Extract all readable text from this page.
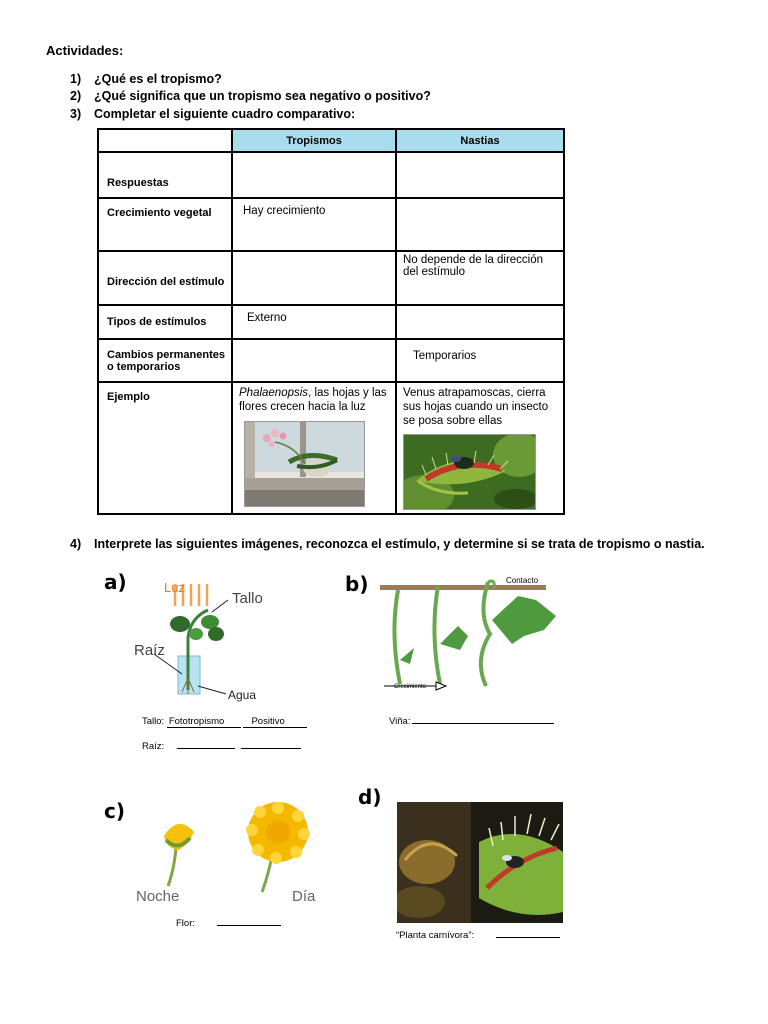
Actividades:
1) ¿Qué es el tropismo?
2) ¿Qué significa que un tropismo sea negativo o positivo?
3) Completar el siguiente cuadro comparativo:
	Tropismos	Nastias
Respuestas		
Crecimiento vegetal	Hay crecimiento	
Dirección del estímulo		No depende de la dirección del estímulo
Tipos de estímulos	Externo	
Cambios permanentes o temporarios		Temporarios
Ejemplo	Phalaenopsis, las hojas y las flores crecen hacia la luz	Venus atrapamoscas, cierra sus hojas cuando un insecto se posa sobre ellas
4) Interprete las siguientes imágenes, reconozca el estímulo, y determine si se trata de tropismo o nastia.
a)	Luz
Tallo
Raíz
Agua
Tallo: Fototropismo	Positivo
Raíz:
b)	Contacto
Crecimiento
Viña:
c)
Noche	Día
Flor:
d)
“Planta carnívora”:
